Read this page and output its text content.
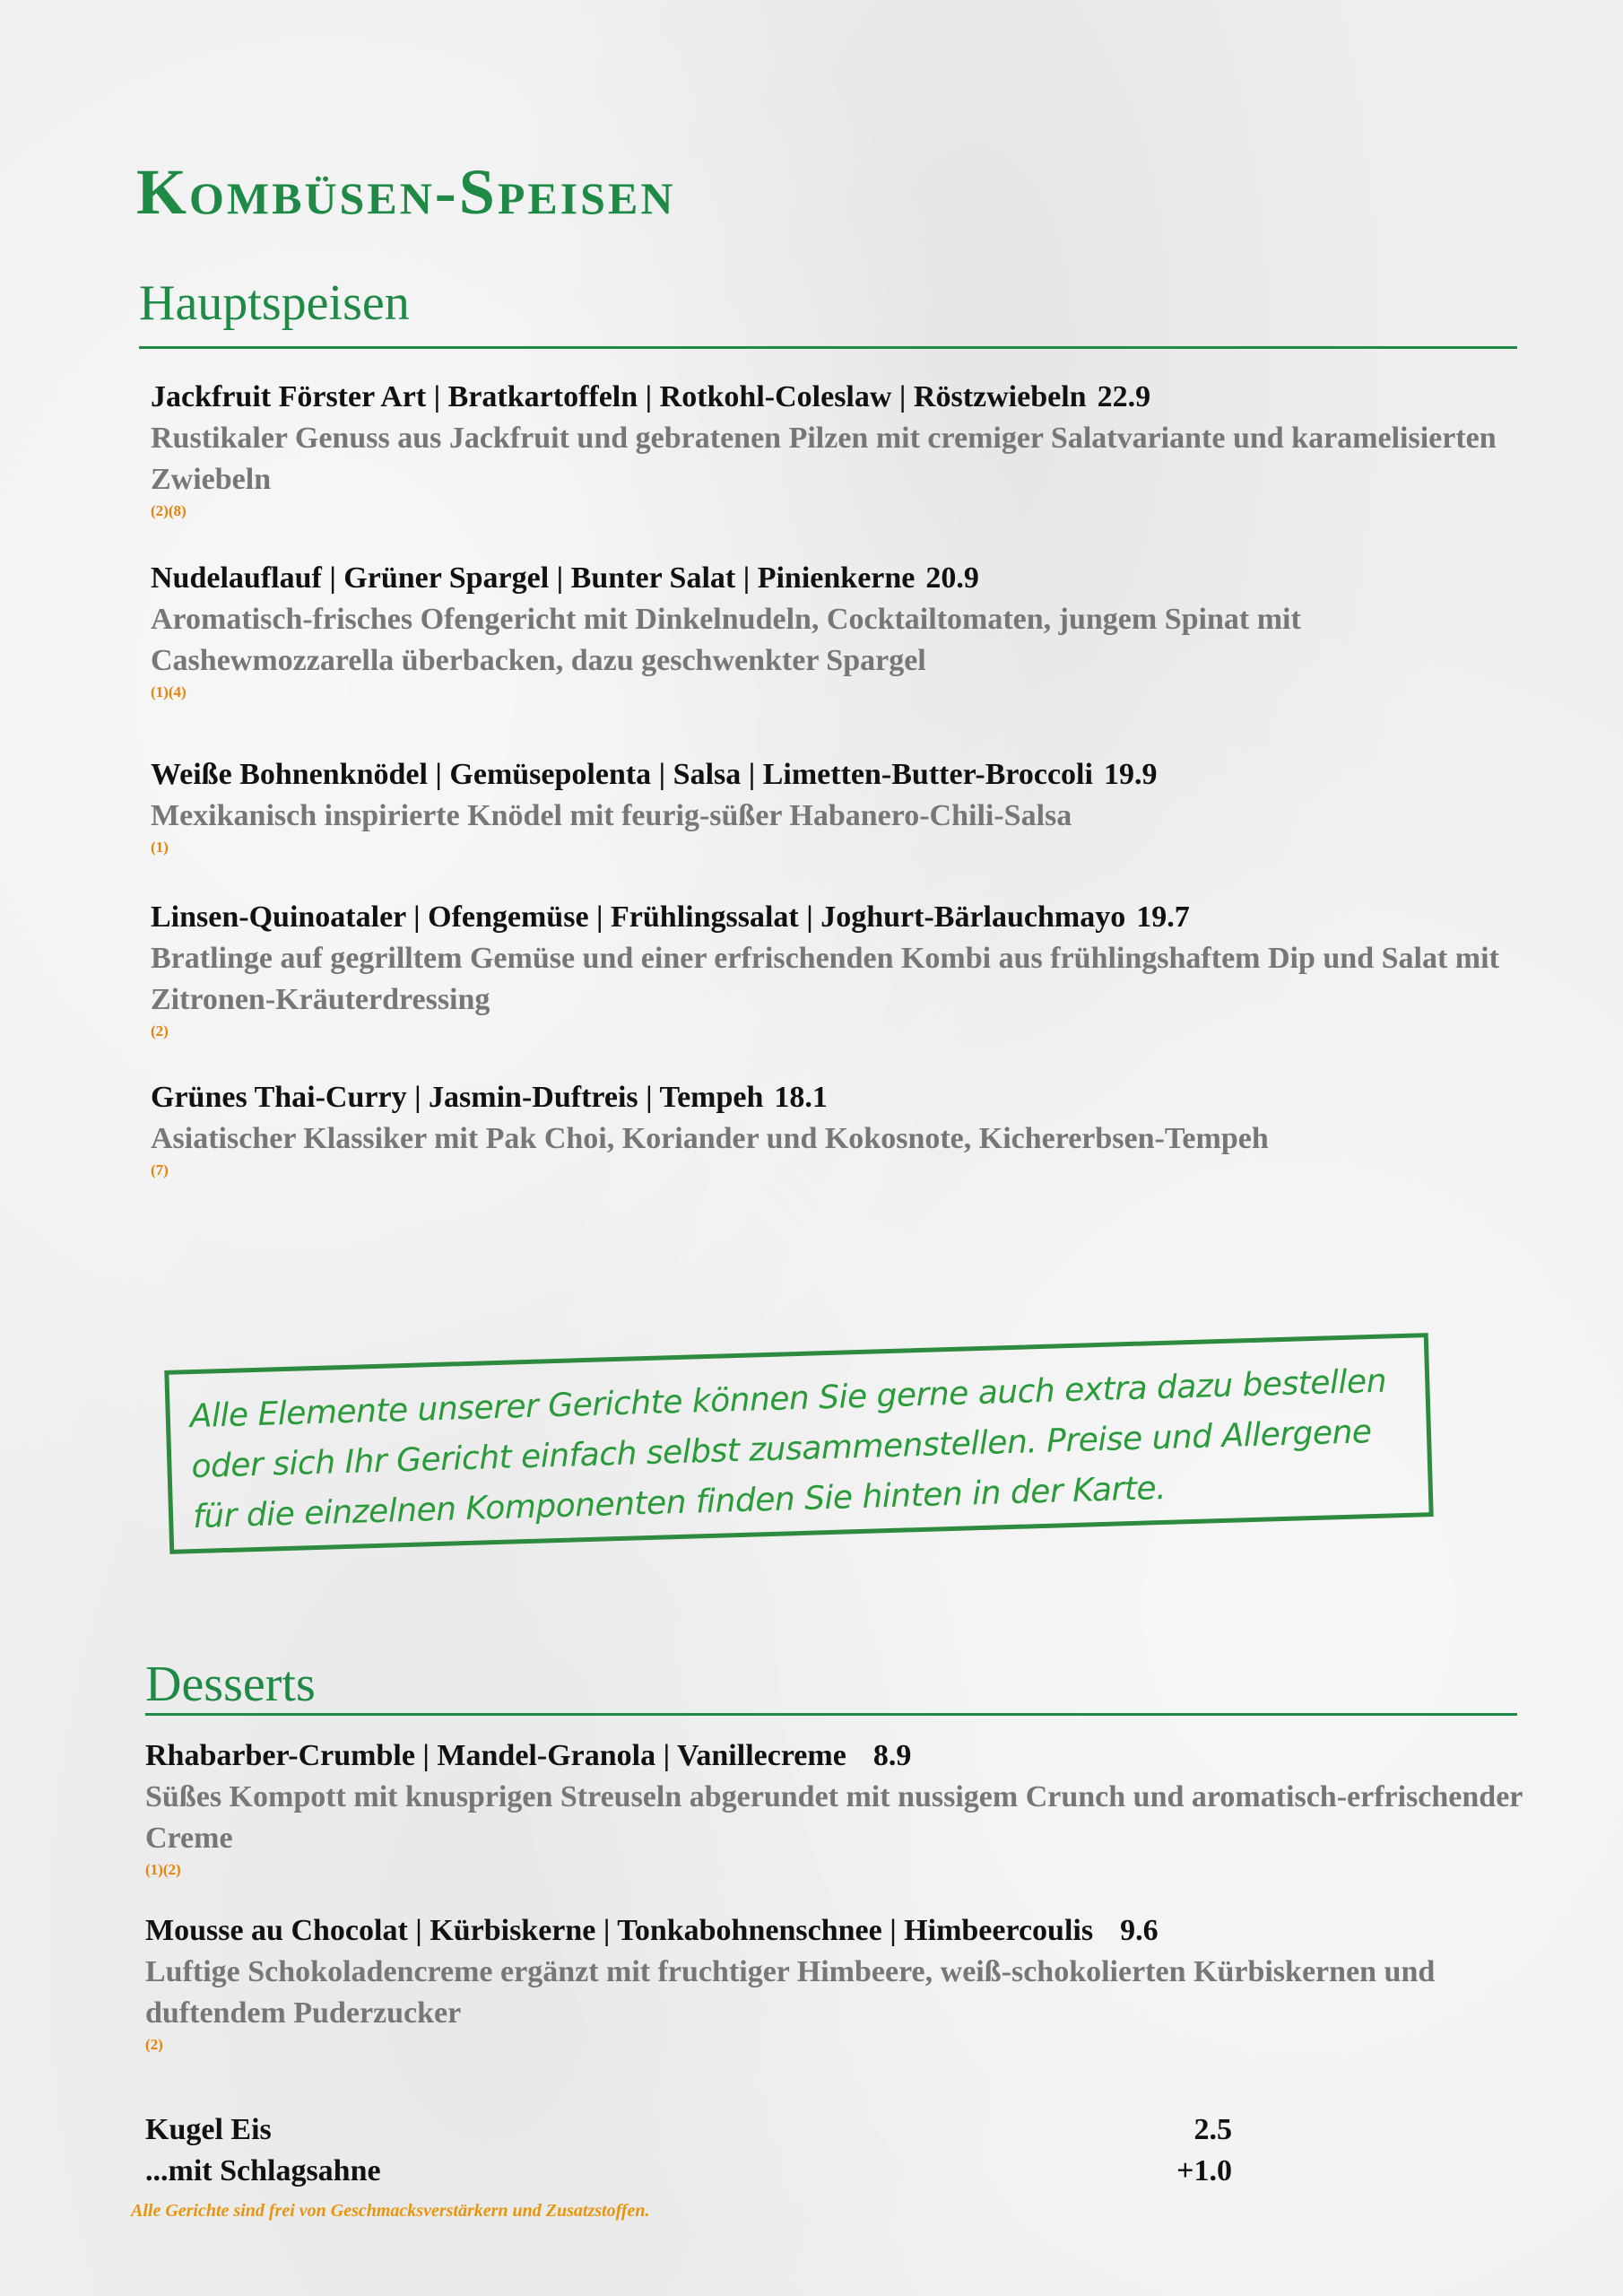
Kombüsen-Speisen
Hauptspeisen
Jackfruit Förster Art | Bratkartoffeln | Rotkohl-Coleslaw | Röstzwiebeln 22.9
Rustikaler Genuss aus Jackfruit und gebratenen Pilzen mit cremiger Salatvariante und karamelisierten Zwiebeln
(2)(8)
Nudelauflauf | Grüner Spargel | Bunter Salat | Pinienkerne 20.9
Aromatisch-frisches Ofengericht mit Dinkelnudeln, Cocktailtomaten, jungem Spinat mit Cashewmozzarella überbacken, dazu geschwenkter Spargel
(1)(4)
Weiße Bohnenknödel | Gemüsepolenta | Salsa | Limetten-Butter-Broccoli 19.9
Mexikanisch inspirierte Knödel mit feurig-süßer Habanero-Chili-Salsa
(1)
Linsen-Quinoataler | Ofengemüse | Frühlingssalat | Joghurt-Bärlauchmayo 19.7
Bratlinge auf gegrilltem Gemüse und einer erfrischenden Kombi aus frühlingshaftem Dip und Salat mit Zitronen-Kräuterdressing
(2)
Grünes Thai-Curry | Jasmin-Duftreis | Tempeh 18.1
Asiatischer Klassiker mit Pak Choi, Koriander und Kokosnote, Kichererbsen-Tempeh
(7)
Alle Elemente unserer Gerichte können Sie gerne auch extra dazu bestellen oder sich Ihr Gericht einfach selbst zusammenstellen. Preise und Allergene für die einzelnen Komponenten finden Sie hinten in der Karte.
Desserts
Rhabarber-Crumble | Mandel-Granola | Vanillecreme 8.9
Süßes Kompott mit knusprigen Streuseln abgerundet mit nussigem Crunch und aromatisch-erfrischender Creme
(1)(2)
Mousse au Chocolat | Kürbiskerne | Tonkabohnenschnee | Himbeercoulis 9.6
Luftige Schokoladencreme ergänzt mit fruchtiger Himbeere, weiß-schokolierten Kürbiskernen und duftendem Puderzucker
(2)
Kugel Eis	2.5
...mit Schlagsahne	+1.0
Alle Gerichte sind frei von Geschmacksverstärkern und Zusatzstoffen.
